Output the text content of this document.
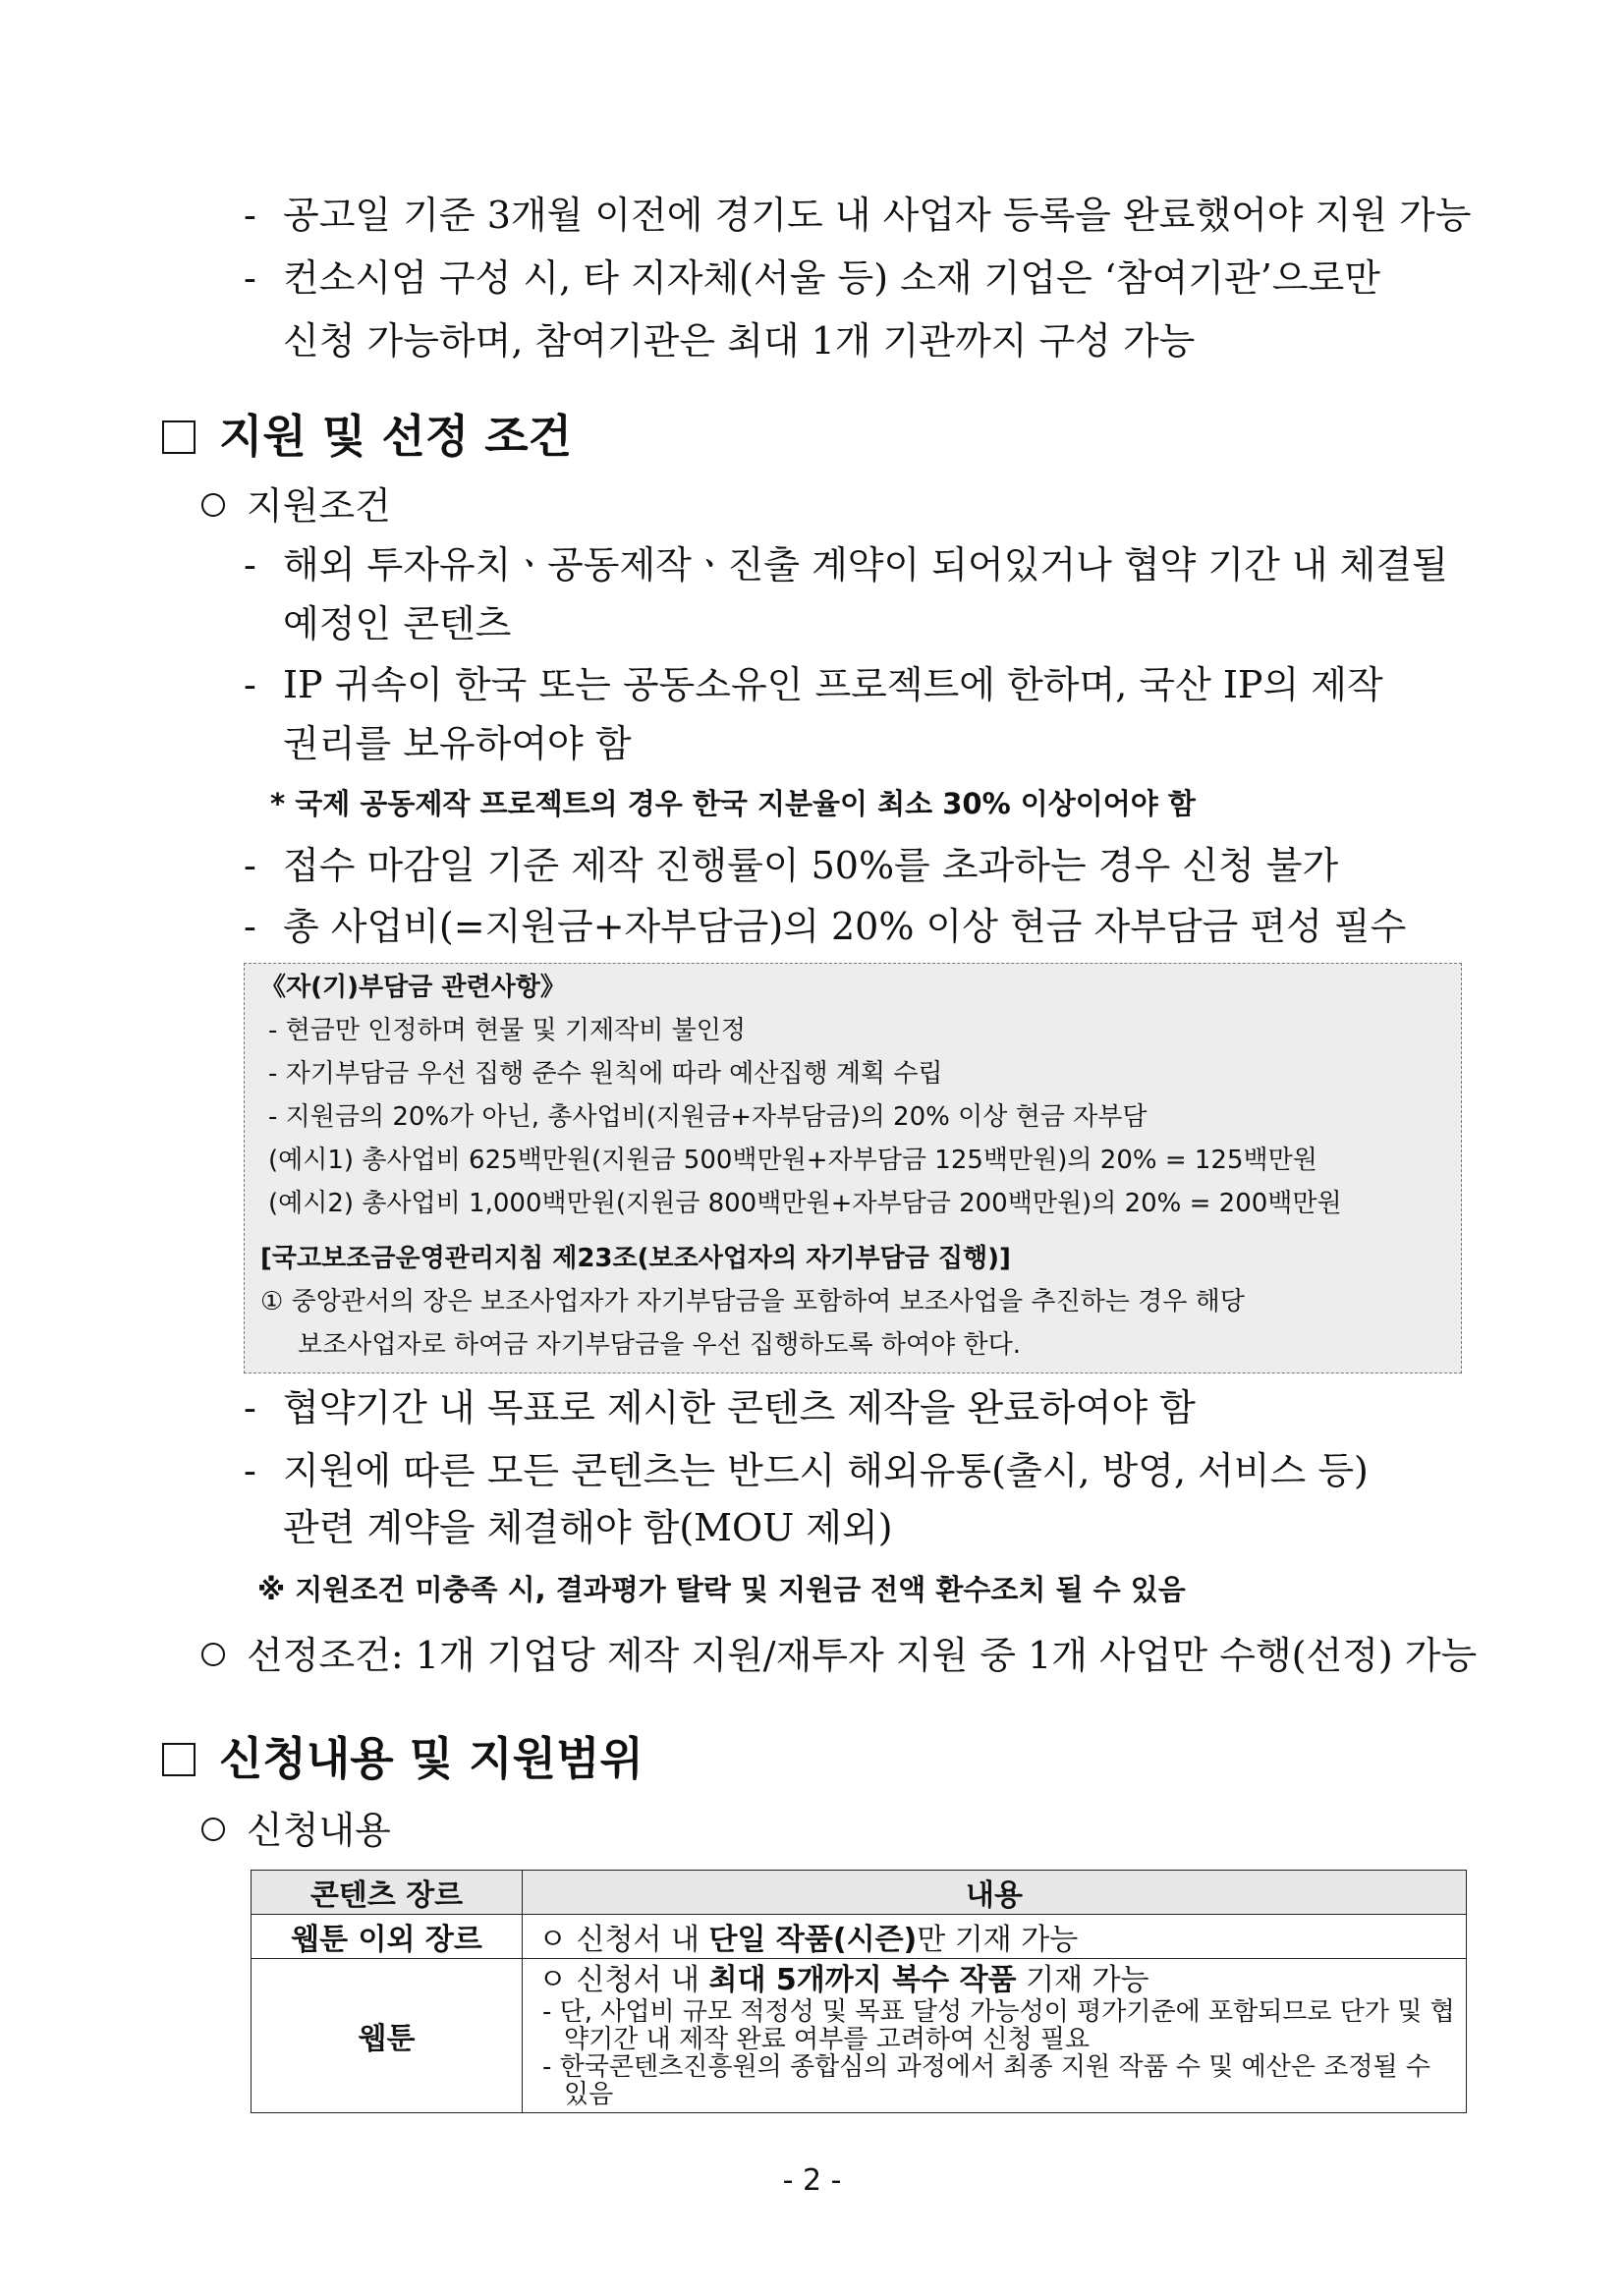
- 공고일 기준 3개월 이전에 경기도 내 사업자 등록을 완료했어야 지원 가능
- 컨소시엄 구성 시, 타 지자체(서울 등) 소재 기업은 ‘참여기관’으로만
신청 가능하며, 참여기관은 최대 1개 기관까지 구성 가능
지원 및 선정 조건
지원조건
- 해외 투자유치ㆍ공동제작ㆍ진출 계약이 되어있거나 협약 기간 내 체결될
예정인 콘텐츠
- IP 귀속이 한국 또는 공동소유인 프로젝트에 한하며, 국산 IP의 제작
권리를 보유하여야 함
* 국제 공동제작 프로젝트의 경우 한국 지분율이 최소 30% 이상이어야 함
- 접수 마감일 기준 제작 진행률이 50%를 초과하는 경우 신청 불가
- 총 사업비(=지원금+자부담금)의 20% 이상 현금 자부담금 편성 필수
《자(기)부담금 관련사항》
- 현금만 인정하며 현물 및 기제작비 불인정
- 자기부담금 우선 집행 준수 원칙에 따라 예산집행 계획 수립
- 지원금의 20%가 아닌, 총사업비(지원금+자부담금)의 20% 이상 현금 자부담
(예시1) 총사업비 625백만원(지원금 500백만원+자부담금 125백만원)의 20% = 125백만원
(예시2) 총사업비 1,000백만원(지원금 800백만원+자부담금 200백만원)의 20% = 200백만원
[국고보조금운영관리지침 제23조(보조사업자의 자기부담금 집행)]
① 중앙관서의 장은 보조사업자가 자기부담금을 포함하여 보조사업을 추진하는 경우 해당
보조사업자로 하여금 자기부담금을 우선 집행하도록 하여야 한다.
- 협약기간 내 목표로 제시한 콘텐츠 제작을 완료하여야 함
- 지원에 따른 모든 콘텐츠는 반드시 해외유통(출시, 방영, 서비스 등)
관련 계약을 체결해야 함(MOU 제외)
※ 지원조건 미충족 시, 결과평가 탈락 및 지원금 전액 환수조치 될 수 있음
선정조건: 1개 기업당 제작 지원/재투자 지원 중 1개 사업만 수행(선정) 가능
신청내용 및 지원범위
신청내용
콘텐츠 장르	내용
웹툰 이외 장르	ㅇ 신청서 내 단일 작품(시즌)만 기재 가능
웹툰	ㅇ 신청서 내 최대 5개까지 복수 작품 기재 가능
- 단, 사업비 규모 적정성 및 목표 달성 가능성이 평가기준에 포함되므로 단가 및 협약기간 내 제작 완료 여부를 고려하여 신청 필요
- 한국콘텐츠진흥원의 종합심의 과정에서 최종 지원 작품 수 및 예산은 조정될 수 있음
- 2 -
